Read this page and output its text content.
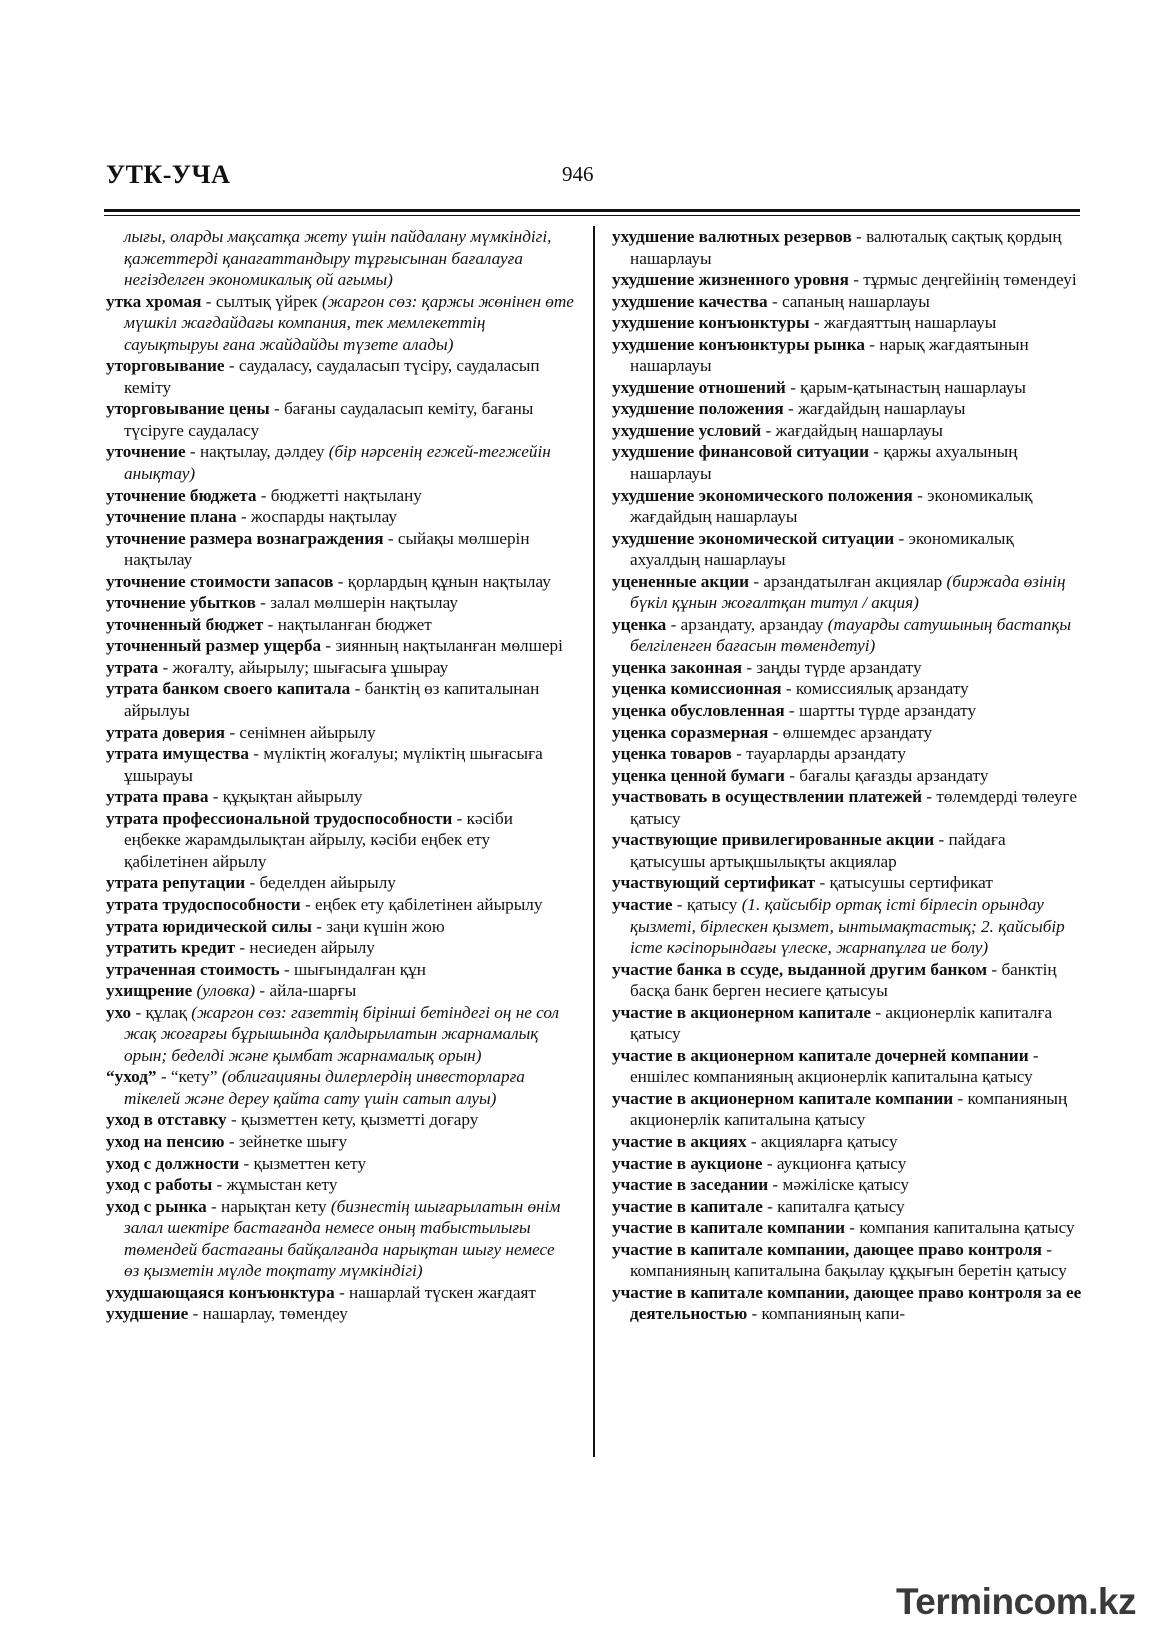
УТК-УЧА	946
лығы, оларды мақсатқа жету үшін пайдалану мүмкіндігі, қажеттерді қанағаттандыру тұрғысынан бағалауға негізделген экономикалық ой ағымы)
утка хромая - сылтық үйрек (жаргон сөз: қаржы жөнінен өте мүшкіл жағдайдағы компания, тек мемлекеттің сауықтыруы ғана жайдайды түзете алады)
уторговывание - саудаласу, саудаласып түсіру, саудаласып кеміту
уторговывание цены - бағаны саудаласып кеміту, бағаны түсіруге саудаласу
уточнение - нақтылау, дәлдеу (бір нәрсенің егжей-тегжейін анықтау)
уточнение бюджета - бюджетті нақтылану
уточнение плана - жоспарды нақтылау
уточнение размера вознаграждения - сыйақы мөлшерін нақтылау
уточнение стоимости запасов - қорлардың құнын нақтылау
уточнение убытков - залал мөлшерін нақтылау
уточненный бюджет - нақтыланған бюджет
уточненный размер ущерба - зиянның нақтыланған мөлшері
утрата - жоғалту, айырылу; шығасыға ұшырау
утрата банком своего капитала - банктің өз капиталынан айрылуы
утрата доверия - сенімнен айырылу
утрата имущества - мүліктің жоғалуы; мүліктің шығасыға ұшырауы
утрата права - құқықтан айырылу
утрата профессиональной трудоспособности - кәсіби еңбекке жарамдылықтан айрылу, кәсіби еңбек ету қабілетінен айрылу
утрата репутации - беделден айырылу
утрата трудоспособности - еңбек ету қабілетінен айырылу
утрата юридической силы - заңи күшін жою
утратить кредит - несиеден айрылу
утраченная стоимость - шығындалған құн
ухищрение (уловка) - айла-шарғы
ухо - құлақ (жаргон сөз: газеттің бірінші бетіндегі оң не сол жақ жоғарғы бұрышында қалдырылатын жарнамалық орын; беделді және қымбат жарнамалық орын)
“уход” - “кету” (облигацияны дилерлердің инвесторларға тікелей және дереу қайта сату үшін сатып алуы)
уход в отставку - қызметтен кету, қызметті доғару
уход на пенсию - зейнетке шығу
уход с должности - қызметтен кету
уход с работы - жұмыстан кету
уход с рынка - нарықтан кету (бизнестің шығарылатын өнім залал шектіре бастағанда немесе оның табыстылығы төмендей бастағаны байқалғанда нарықтан шығу немесе өз қызметін мүлде тоқтату мүмкіндігі)
ухудшающаяся конъюнктура - нашарлай түскен жағдаят
ухудшение - нашарлау, төмендеу
ухудшение валютных резервов - валюталық сақтық қордың нашарлауы
ухудшение жизненного уровня - тұрмыс деңгейінің төмендеуі
ухудшение качества - сапаның нашарлауы
ухудшение конъюнктуры - жағдаяттың нашарлауы
ухудшение конъюнктуры рынка - нарық жағдаятынын нашарлауы
ухудшение отношений - қарым-қатынастың нашарлауы
ухудшение положения - жағдайдың нашарлауы
ухудшение условий - жағдайдың нашарлауы
ухудшение финансовой ситуации - қаржы ахуалының нашарлауы
ухудшение экономического положения - экономикалық жағдайдың нашарлауы
ухудшение экономической ситуации - экономикалық ахуалдың нашарлауы
уцененные акции - арзандатылған акциялар (биржада өзінің бүкіл құнын жоғалтқан титул / акция)
уценка - арзандату, арзандау (тауарды сатушының бастапқы белгіленген бағасын төмендетуі)
уценка законная - заңды түрде арзандату
уценка комиссионная - комиссиялық арзандату
уценка обусловленная - шартты түрде арзандату
уценка соразмерная - өлшемдес арзандату
уценка товаров - тауарларды арзандату
уценка ценной бумаги - бағалы қағазды арзандату
участвовать в осуществлении платежей - төлемдерді төлеуге қатысу
участвующие привилегированные акции - пайдаға қатысушы артықшылықты акциялар
участвующий сертификат - қатысушы сертификат
участие - қатысу (1. қайсыбір ортақ істі бірлесіп орындау қызметі, бірлескен қызмет, ынтымақтастық; 2. қайсыбір істе кәсіпорындағы үлеске, жарнапұлға ие болу)
участие банка в ссуде, выданной другим банком - банктің басқа банк берген несиеге қатысуы
участие в акционерном капитале - акционерлік капиталға қатысу
участие в акционерном капитале дочерней компании - еншілес компанияның акционерлік капиталына қатысу
участие в акционерном капитале компании - компанияның акционерлік капиталына қатысу
участие в акциях - акцияларға қатысу
участие в аукционе - аукционға қатысу
участие в заседании - мәжіліске қатысу
участие в капитале - капиталға қатысу
участие в капитале компании - компания капиталына қатысу
участие в капитале компании, дающее право контроля - компанияның капиталына бақылау құқығын беретін қатысу
участие в капитале компании, дающее право контроля за ее деятельностью - компанияның капи-
Termincom.kz
